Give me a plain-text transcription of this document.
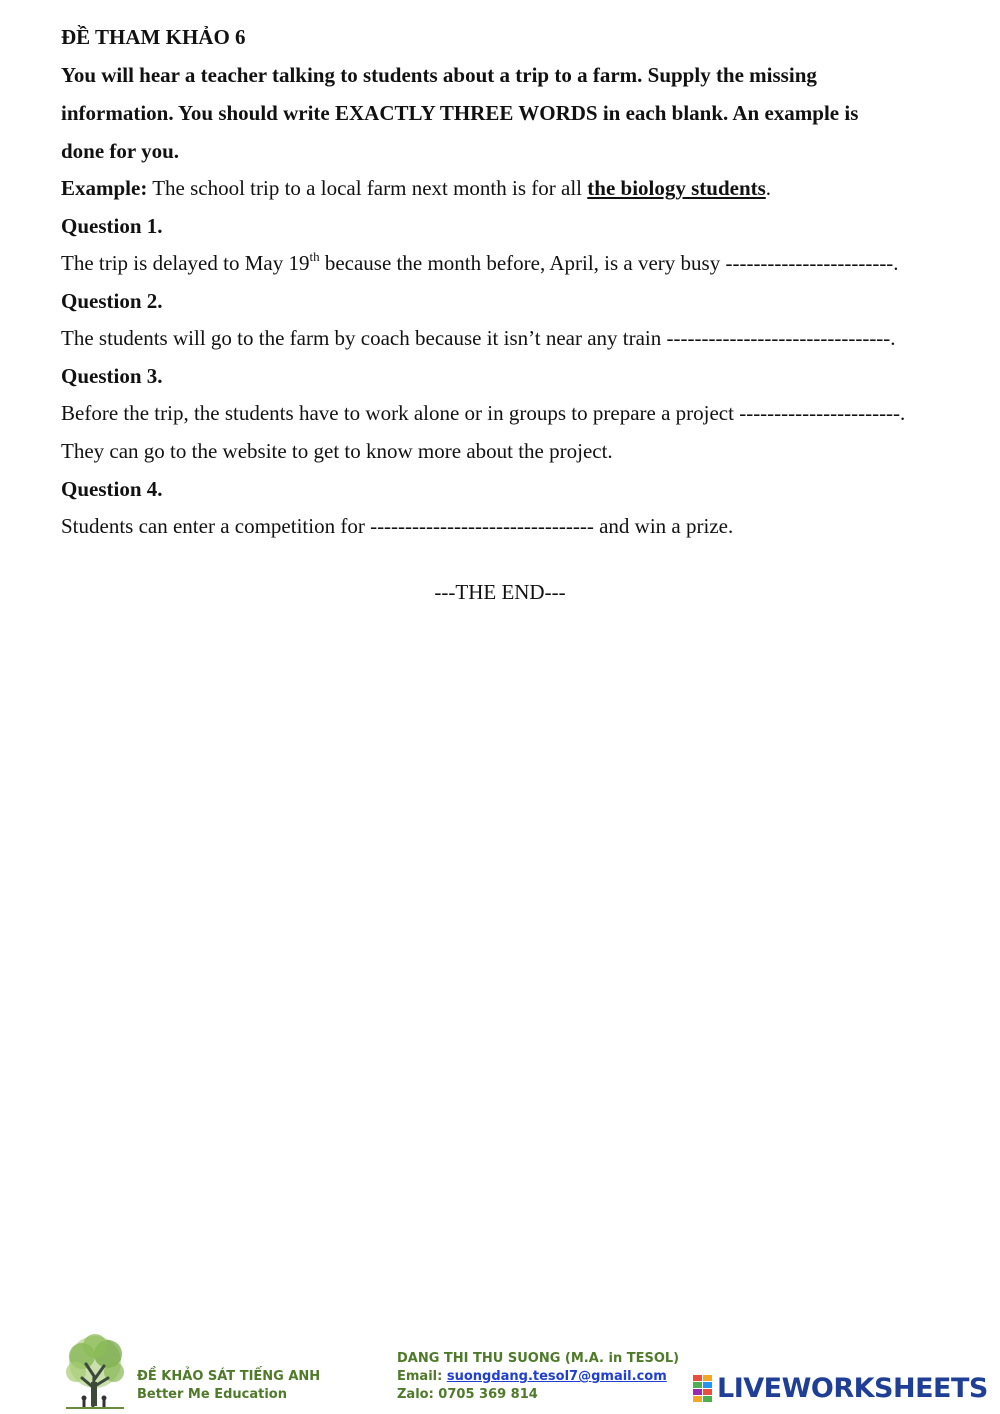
ĐỀ THAM KHẢO 6
You will hear a teacher talking to students about a trip to a farm. Supply the missing
information. You should write EXACTLY THREE WORDS in each blank. An example is
done for you.
Example: The school trip to a local farm next month is for all the biology students.
Question 1.
The trip is delayed to May 19th because the month before, April, is a very busy ------------------------.
Question 2.
The students will go to the farm by coach because it isn’t near any train --------------------------------.
Question 3.
Before the trip, the students have to work alone or in groups to prepare a project -----------------------.
They can go to the website to get to know more about the project.
Question 4.
Students can enter a competition for -------------------------------- and win a prize.
---THE END---
ĐỀ KHẢO SÁT TIẾNG ANH
Better Me Education
DANG THI THU SUONG (M.A. in TESOL)
Email: suongdang.tesol7@gmail.com
Zalo: 0705 369 814	LIVEWORKSHEETS
